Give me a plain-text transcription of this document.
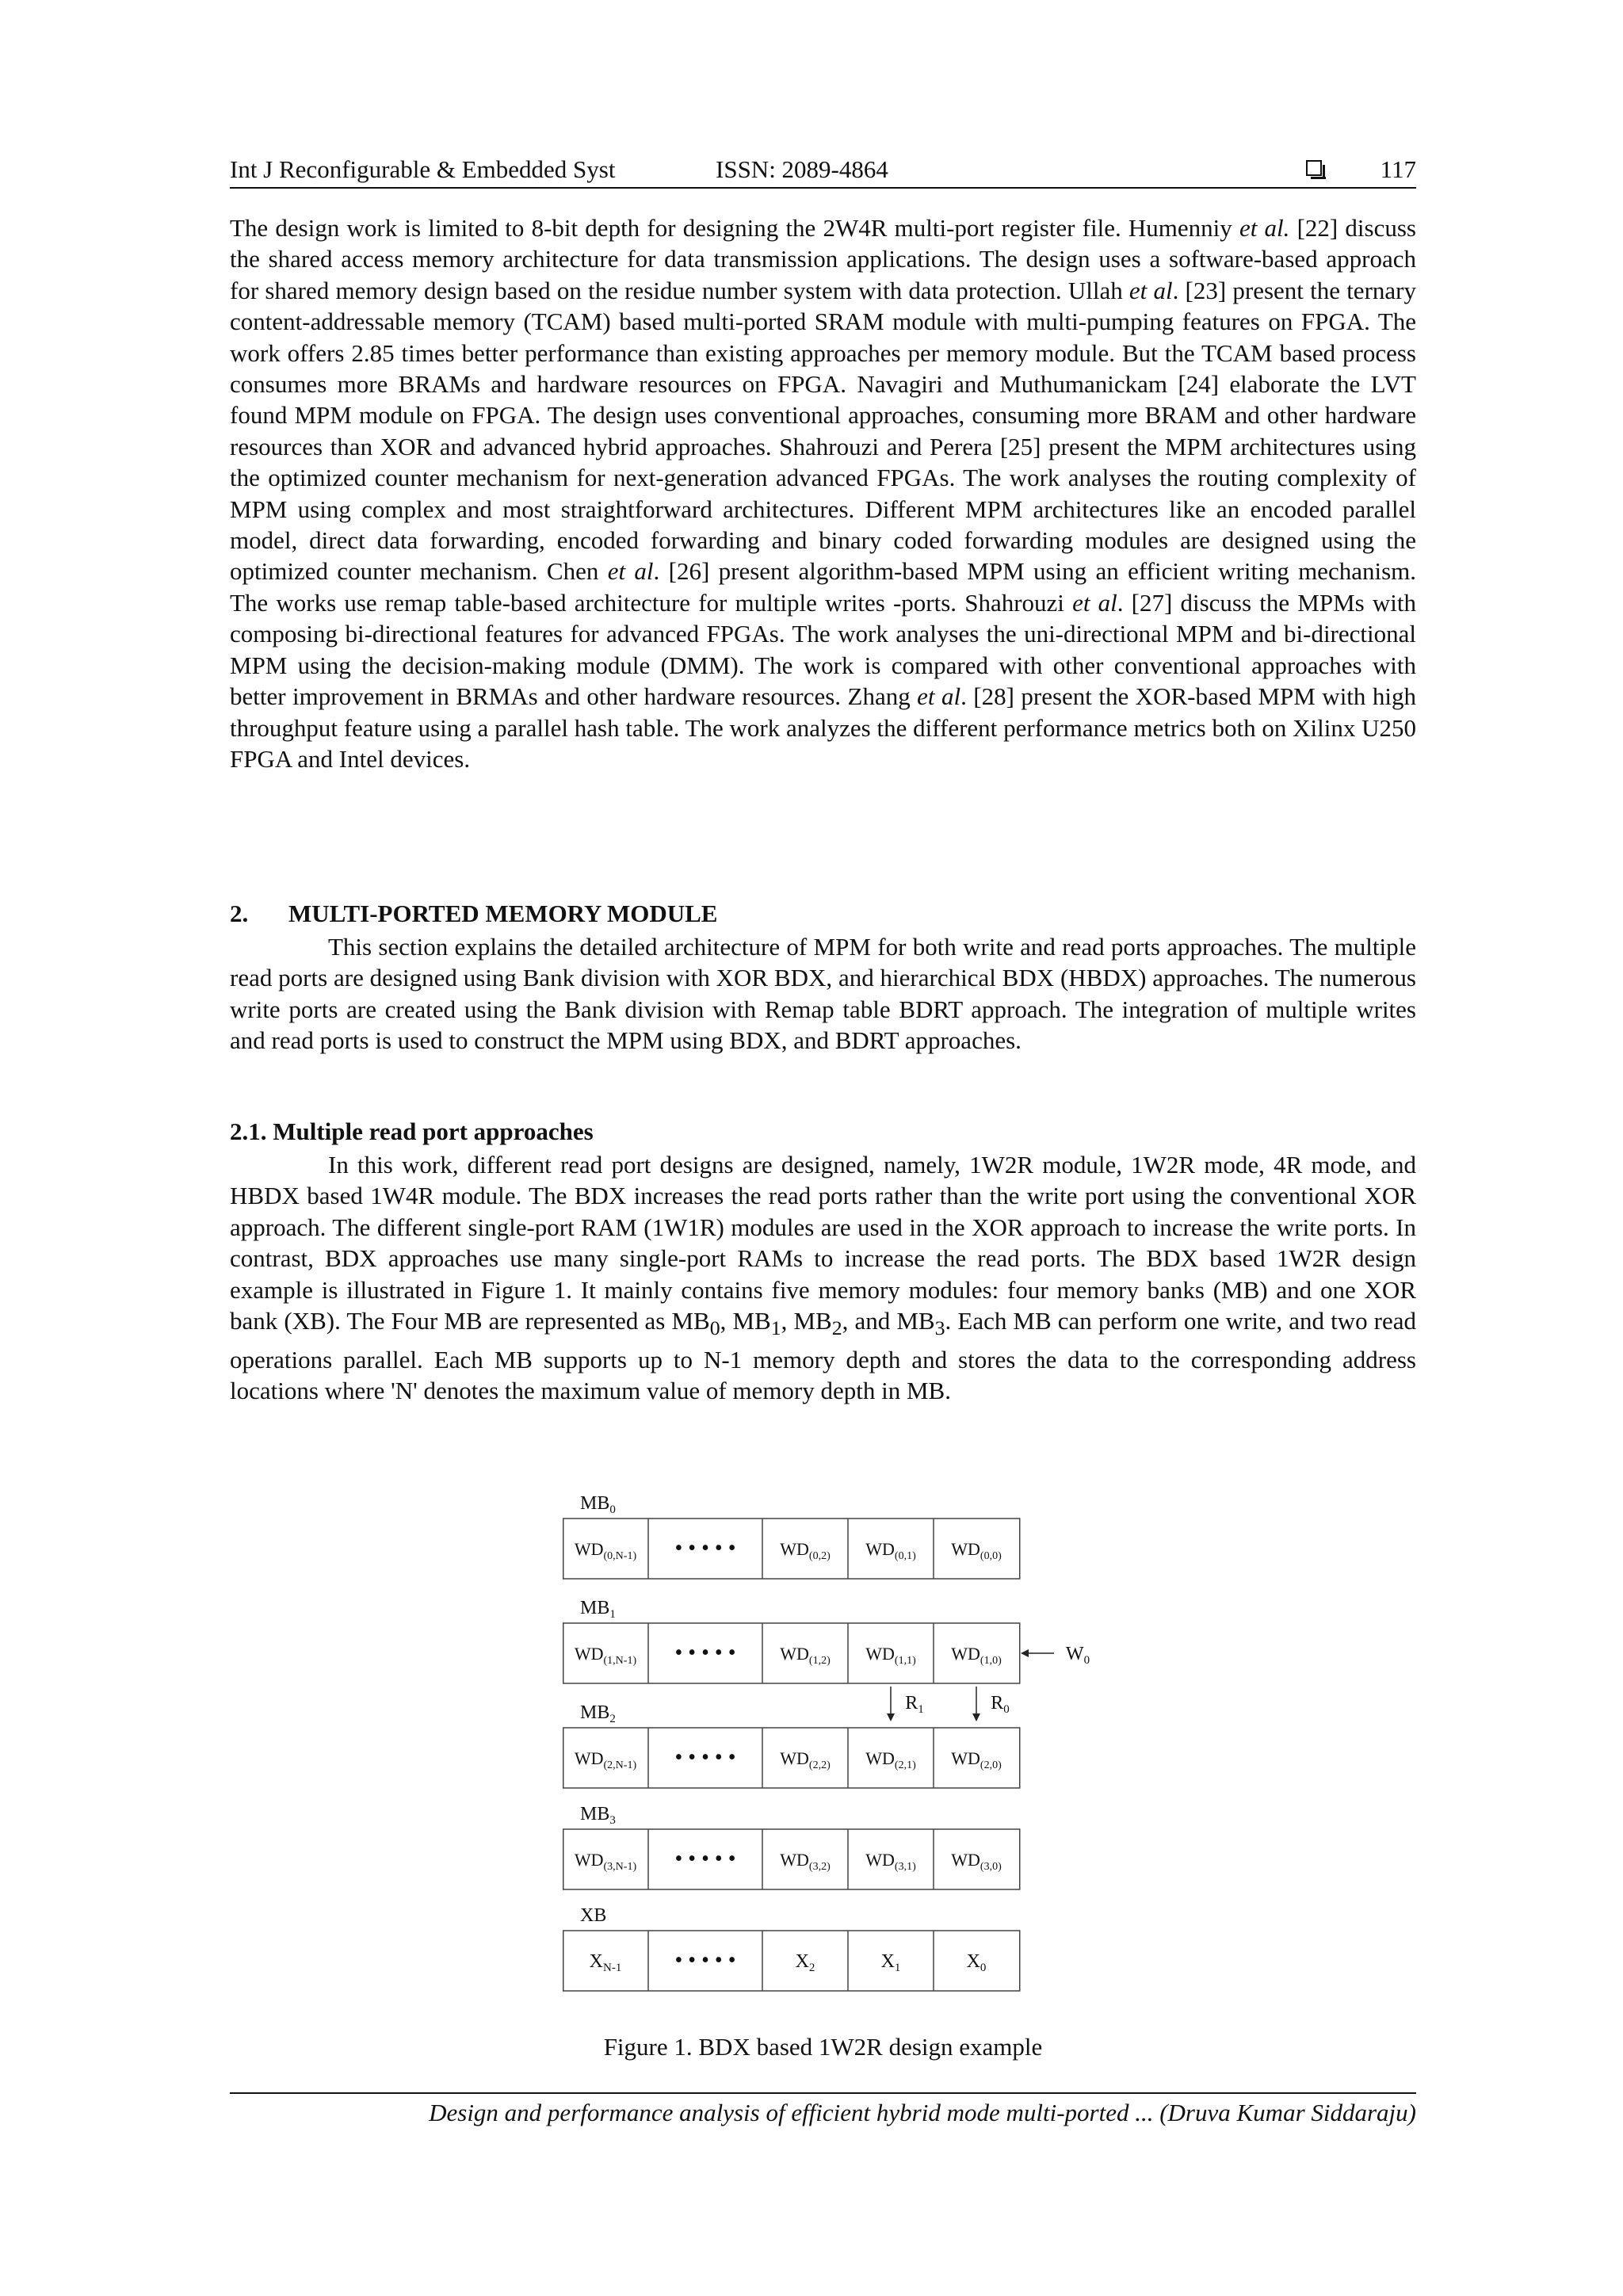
Int J Reconfigurable & Embedded Syst	ISSN: 2089-4864	117

The design work is limited to 8-bit depth for designing the 2W4R multi-port register file. Humenniy et al. [22] discuss the shared access memory architecture for data transmission applications. The design uses a software-based approach for shared memory design based on the residue number system with data protection. Ullah et al. [23] present the ternary content-addressable memory (TCAM) based multi-ported SRAM module with multi-pumping features on FPGA. The work offers 2.85 times better performance than existing approaches per memory module. But the TCAM based process consumes more BRAMs and hardware resources on FPGA. Navagiri and Muthumanickam [24] elaborate the LVT found MPM module on FPGA. The design uses conventional approaches, consuming more BRAM and other hardware resources than XOR and advanced hybrid approaches. Shahrouzi and Perera [25] present the MPM architectures using the optimized counter mechanism for next-generation advanced FPGAs. The work analyses the routing complexity of MPM using complex and most straightforward architectures. Different MPM architectures like an encoded parallel model, direct data forwarding, encoded forwarding and binary coded forwarding modules are designed using the optimized counter mechanism. Chen et al. [26] present algorithm-based MPM using an efficient writing mechanism. The works use remap table-based architecture for multiple writes -ports. Shahrouzi et al. [27] discuss the MPMs with composing bi-directional features for advanced FPGAs. The work analyses the uni-directional MPM and bi-directional MPM using the decision-making module (DMM). The work is compared with other conventional approaches with better improvement in BRMAs and other hardware resources. Zhang et al. [28] present the XOR-based MPM with high throughput feature using a parallel hash table. The work analyzes the different performance metrics both on Xilinx U250 FPGA and Intel devices.

2. MULTI-PORTED MEMORY MODULE

This section explains the detailed architecture of MPM for both write and read ports approaches. The multiple read ports are designed using Bank division with XOR BDX, and hierarchical BDX (HBDX) approaches. The numerous write ports are created using the Bank division with Remap table BDRT approach. The integration of multiple writes and read ports is used to construct the MPM using BDX, and BDRT approaches.

2.1. Multiple read port approaches

In this work, different read port designs are designed, namely, 1W2R module, 1W2R mode, 4R mode, and HBDX based 1W4R module. The BDX increases the read ports rather than the write port using the conventional XOR approach. The different single-port RAM (1W1R) modules are used in the XOR approach to increase the write ports. In contrast, BDX approaches use many single-port RAMs to increase the read ports. The BDX based 1W2R design example is illustrated in Figure 1. It mainly contains five memory modules: four memory banks (MB) and one XOR bank (XB). The Four MB are represented as $MB_0$, $MB_1$, $MB_2$, and $MB_3$. Each MB can perform one write, and two read operations parallel. Each MB supports up to N-1 memory depth and stores the data to the corresponding address locations where 'N' denotes the maximum value of memory depth in MB.

$MB_0$
$WD_{(0,N-1)}$ • • • • •	$WD_{(0,2)}$ $WD_{(0,1)}$ $WD_{(0,0)}$
$MB_1$
$WD_{(1,N-1)}$ • • • • •	$WD_{(1,2)}$ $WD_{(1,1)}$ $WD_{(1,0)}$
$MB_2$
$WD_{(2,N-1)}$ • • • • •	$WD_{(2,2)}$ $WD_{(2,1)}$ $WD_{(2,0)}$
$MB_3$
$WD_{(3,N-1)}$ • • • • •	$WD_{(3,2)}$ $WD_{(3,1)}$ $WD_{(3,0)}$
XB
$X_{N-1}$ • • • • •	$X_2$	$X_1$	$X_0$
$W_0$
$R_1$	$R_0$

Figure 1. BDX based 1W2R design example

Design and performance analysis of efficient hybrid mode multi-ported ... (Druva Kumar Siddaraju)
